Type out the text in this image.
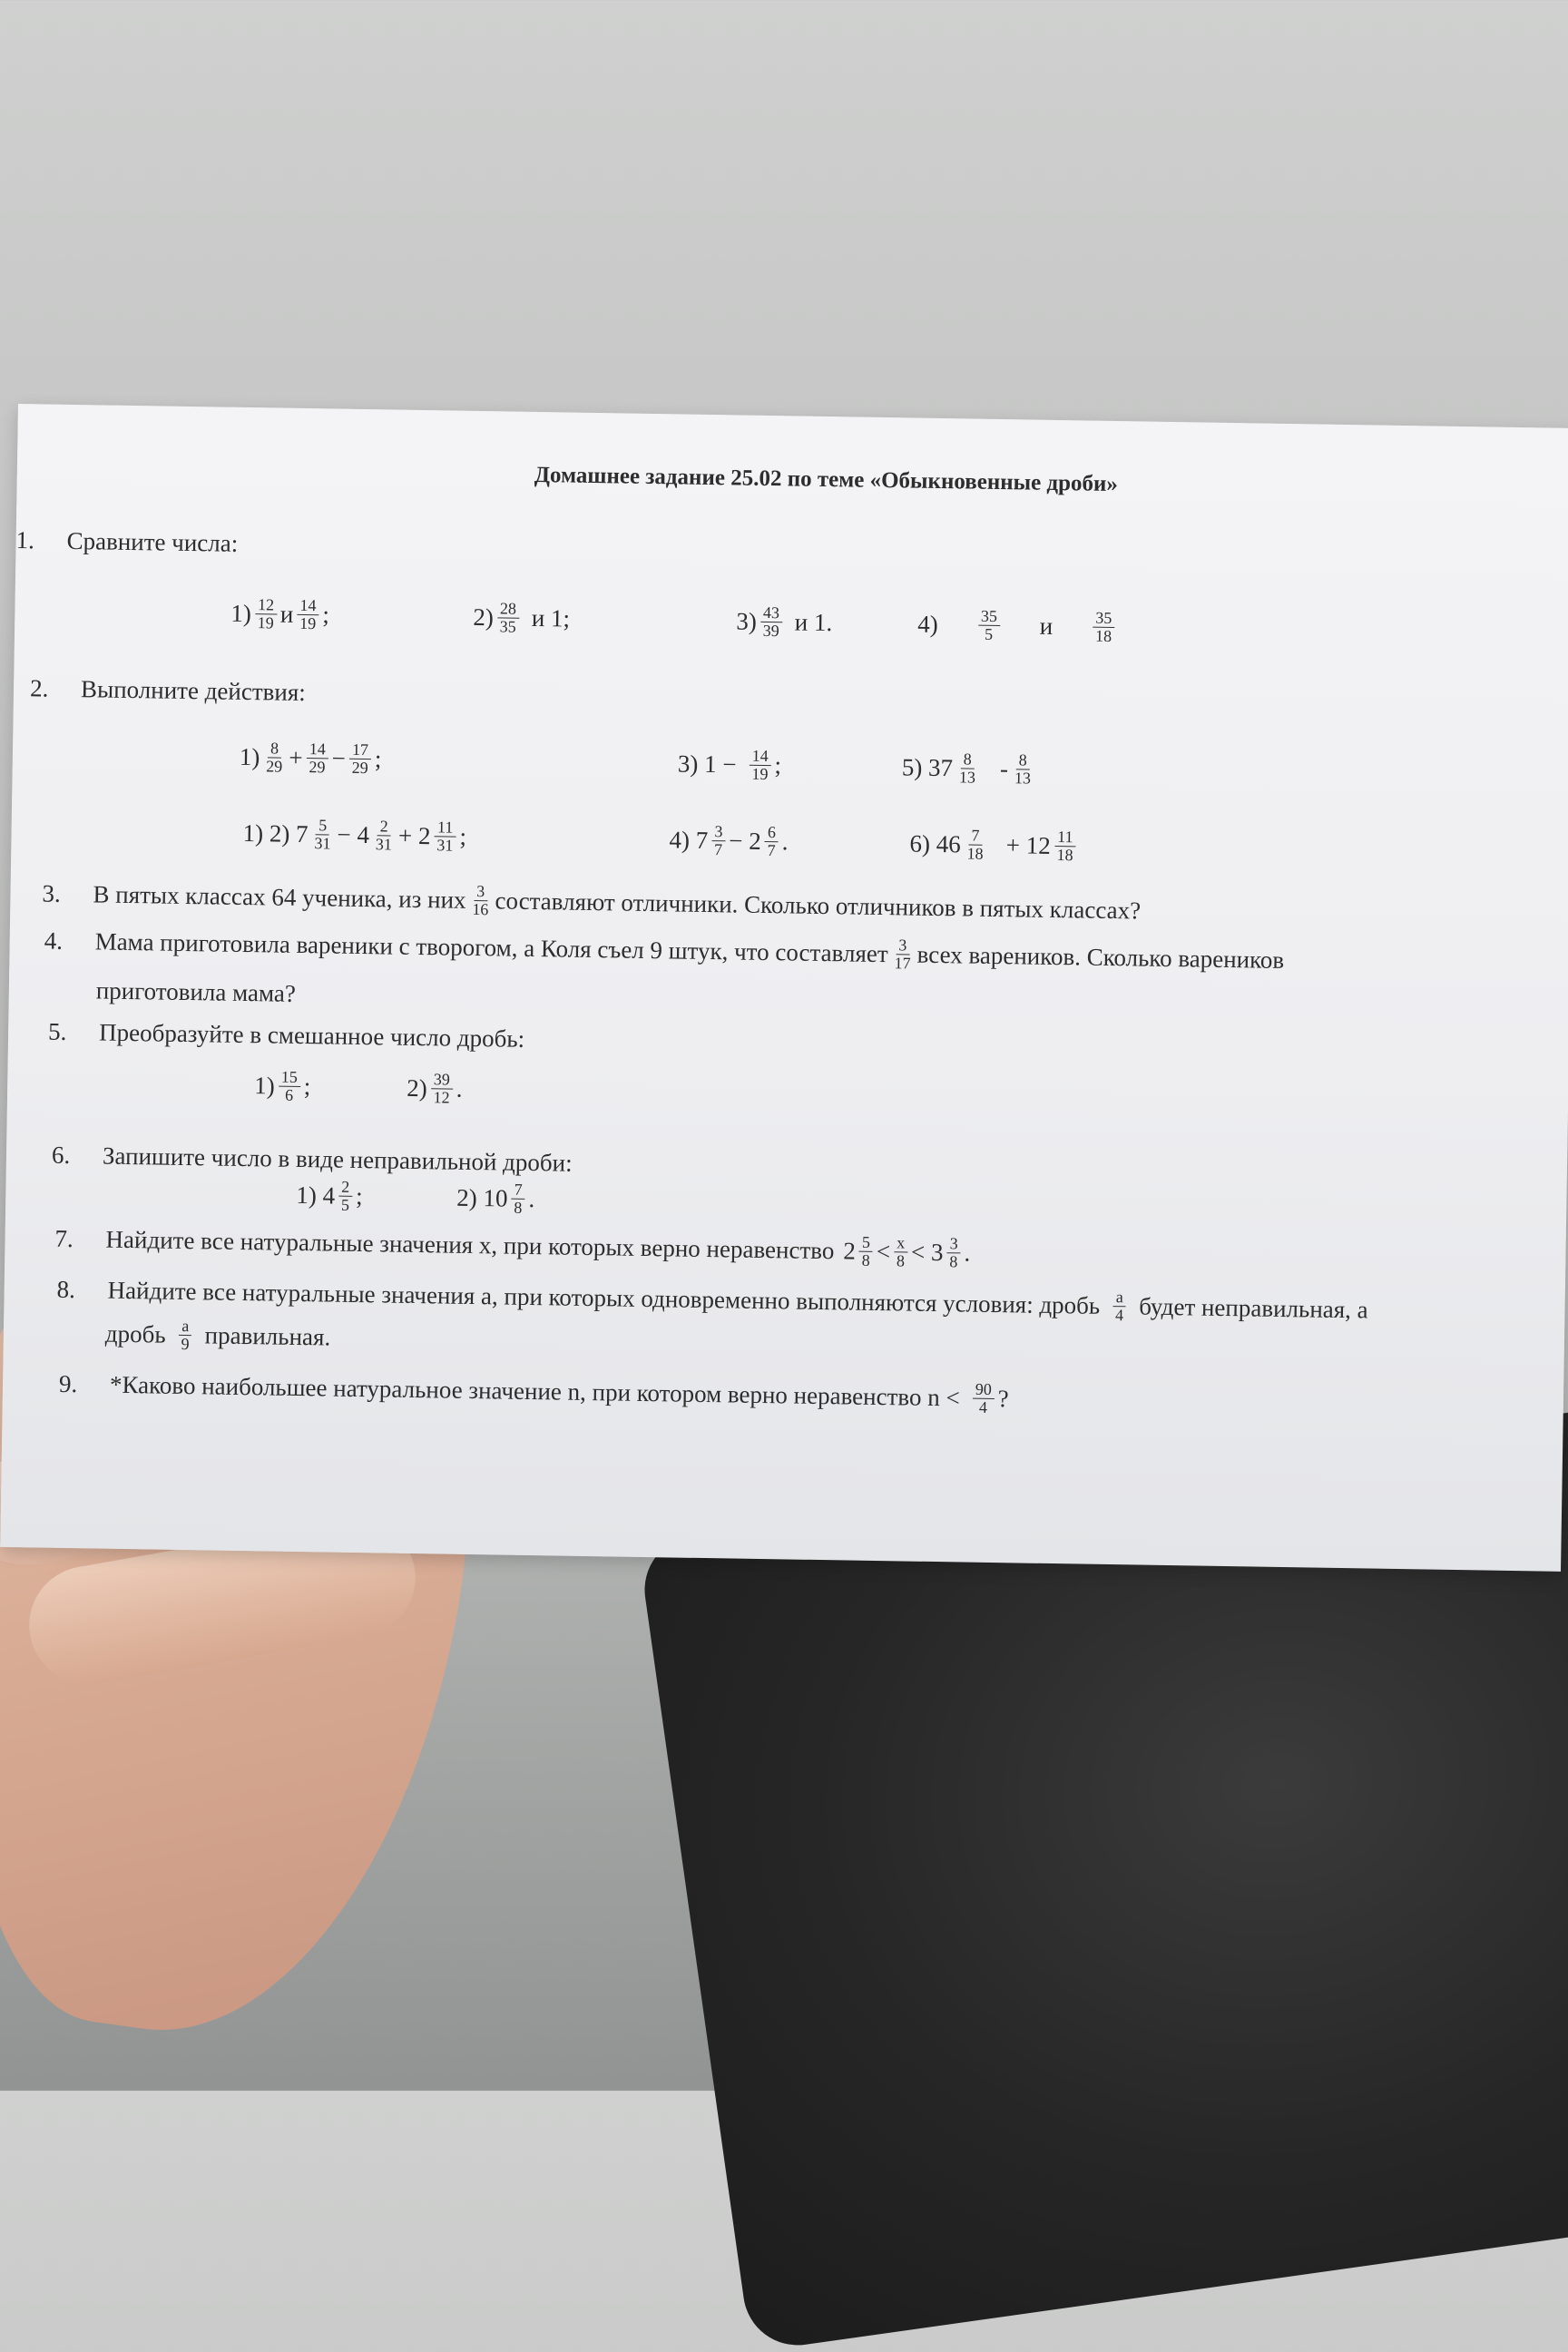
Домашнее задание 25.02 по теме «Обыкновенные дроби»
1. Сравните числа:
$1) \frac{12}{19}$ и $\frac{14}{19}$ ;	$2) \frac{28}{35}$ и 1;	$3) \frac{43}{39}$ и 1.	$4) \frac{35}{5}$ и $\frac{35}{18}$
2. Выполните действия:
$1) \frac{8}{29} + \frac{14}{29} - \frac{17}{29}$ ;	3) $1 - \frac{14}{19}$ ;	5) $37 \frac{8}{13} - \frac{8}{13}$
1) 2) $7 \frac{5}{31} - 4 \frac{2}{31} + 2 \frac{11}{31}$ ;	4) $7 \frac{3}{7} - 2 \frac{6}{7}$ .	6) $46 \frac{7}{18} + 12 \frac{11}{18}$
3.	В пятых классах 64 ученика, из них $\frac{3}{16}$ составляют отличники. Сколько отличников в пятых классах?
4.	Мама приготовила вареники с творогом, а Коля съел 9 штук, что составляет $\frac{3}{17}$ всех вареников. Сколько вареников
приготовила мама?
5. Преобразуйте в смешанное число дробь:
$1) \frac{15}{6}$ ;	$2) \frac{39}{12}$ .
6. Запишите число в виде неправильной дроби:
1) $4 \frac{2}{5}$ ;	2) $10 \frac{7}{8}$ .
7.	Найдите все натуральные значения x, при которых верно неравенство $2 \frac{5}{8} < \frac{x}{8} < 3 \frac{3}{8}$ .
8.	Найдите все натуральные значения a, при которых одновременно выполняются условия: дробь $\frac{a}{4}$ будет неправильная, а
дробь $\frac{a}{9}$ правильная.
9.	*Каково наибольшее натуральное значение n, при котором верно неравенство $n < \frac{90}{4}$ ?
